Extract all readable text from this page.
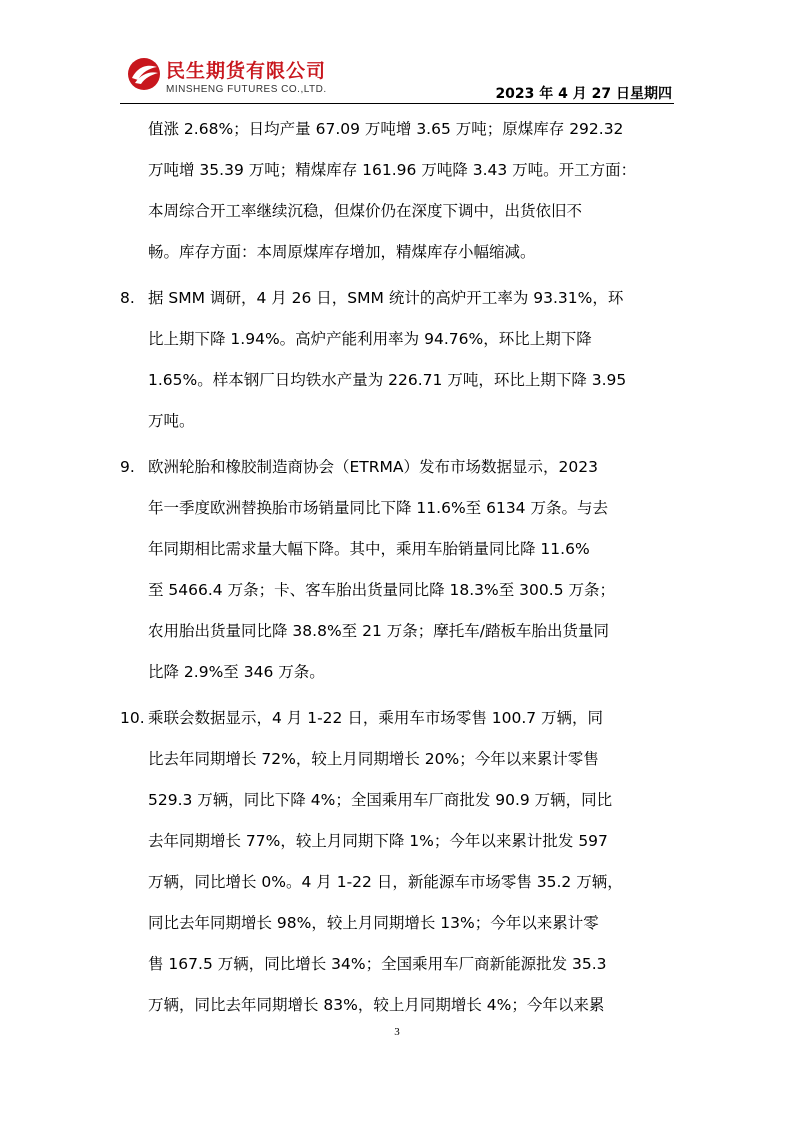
民生期货有限公司
MINSHENG FUTURES CO.,LTD.	2023 年 4 月 27 日星期四
值涨 2.68%；日均产量 67.09 万吨增 3.65 万吨；原煤库存 292.32
万吨增 35.39 万吨；精煤库存 161.96 万吨降 3.43 万吨。开工方面：
本周综合开工率继续沉稳，但煤价仍在深度下调中，出货依旧不
畅。库存方面：本周原煤库存增加，精煤库存小幅缩减。
8. 据 SMM 调研，4 月 26 日，SMM 统计的高炉开工率为 93.31%，环
比上期下降 1.94%。高炉产能利用率为 94.76%，环比上期下降
1.65%。样本钢厂日均铁水产量为 226.71 万吨，环比上期下降 3.95
万吨。
9. 欧洲轮胎和橡胶制造商协会（ETRMA）发布市场数据显示，2023
年一季度欧洲替换胎市场销量同比下降 11.6%至 6134 万条。与去
年同期相比需求量大幅下降。其中，乘用车胎销量同比降 11.6%
至 5466.4 万条；卡、客车胎出货量同比降 18.3%至 300.5 万条；
农用胎出货量同比降 38.8%至 21 万条；摩托车/踏板车胎出货量同
比降 2.9%至 346 万条。
10. 乘联会数据显示，4 月 1-22 日，乘用车市场零售 100.7 万辆，同
比去年同期增长 72%，较上月同期增长 20%；今年以来累计零售
529.3 万辆，同比下降 4%；全国乘用车厂商批发 90.9 万辆，同比
去年同期增长 77%，较上月同期下降 1%；今年以来累计批发 597
万辆，同比增长 0%。4 月 1-22 日，新能源车市场零售 35.2 万辆，
同比去年同期增长 98%，较上月同期增长 13%；今年以来累计零
售 167.5 万辆，同比增长 34%；全国乘用车厂商新能源批发 35.3
万辆，同比去年同期增长 83%，较上月同期增长 4%；今年以来累
3
